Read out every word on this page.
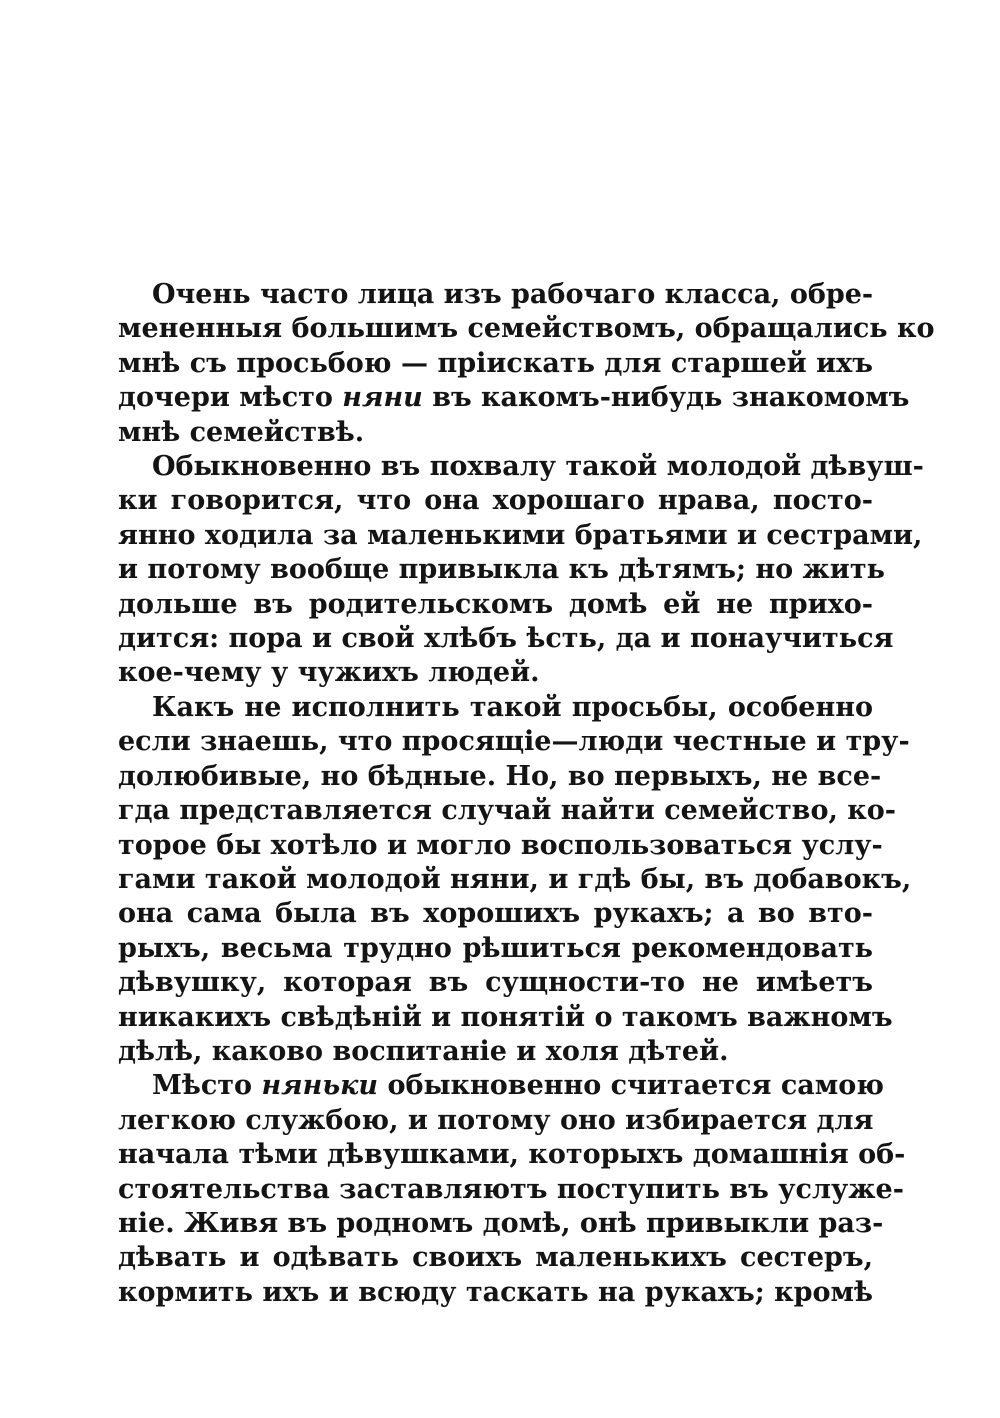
Очень часто лица изъ рабочаго класса, обре-
мененныя большимъ семействомъ, обращались ко
мнѣ съ просьбою — пріискать для старшей ихъ
дочери мѣсто няни въ какомъ-нибудь знакомомъ
мнѣ семействѣ.
Обыкновенно въ похвалу такой молодой дѣвуш-
ки говорится, что она хорошаго нрава, посто-
янно ходила за маленькими братьями и сестрами,
и потому вообще привыкла къ дѣтямъ; но жить
дольше въ родительскомъ домѣ ей не прихо-
дится: пора и свой хлѣбъ ѣсть, да и понаучиться
кое-чему у чужихъ людей.
Какъ не исполнить такой просьбы, особенно
если знаешь, что просящіе—люди честные и тру-
долюбивые, но бѣдные. Но, во первыхъ, не все-
гда представляется случай найти семейство, ко-
торое бы хотѣло и могло воспользоваться услу-
гами такой молодой няни, и гдѣ бы, въ добавокъ,
она сама была въ хорошихъ рукахъ; а во вто-
рыхъ, весьма трудно рѣшиться рекомендовать
дѣвушку, которая въ сущности-то не имѣетъ
никакихъ свѣдѣній и понятій о такомъ важномъ
дѣлѣ, каково воспитаніе и холя дѣтей.
Мѣсто няньки обыкновенно считается самою
легкою службою, и потому оно избирается для
начала тѣми дѣвушками, которыхъ домашнія об-
стоятельства заставляютъ поступить въ услуже-
ніе. Живя въ родномъ домѣ, онѣ привыкли раз-
дѣвать и одѣвать своихъ маленькихъ сестеръ,
кормить ихъ и всюду таскать на рукахъ; кромѣ
